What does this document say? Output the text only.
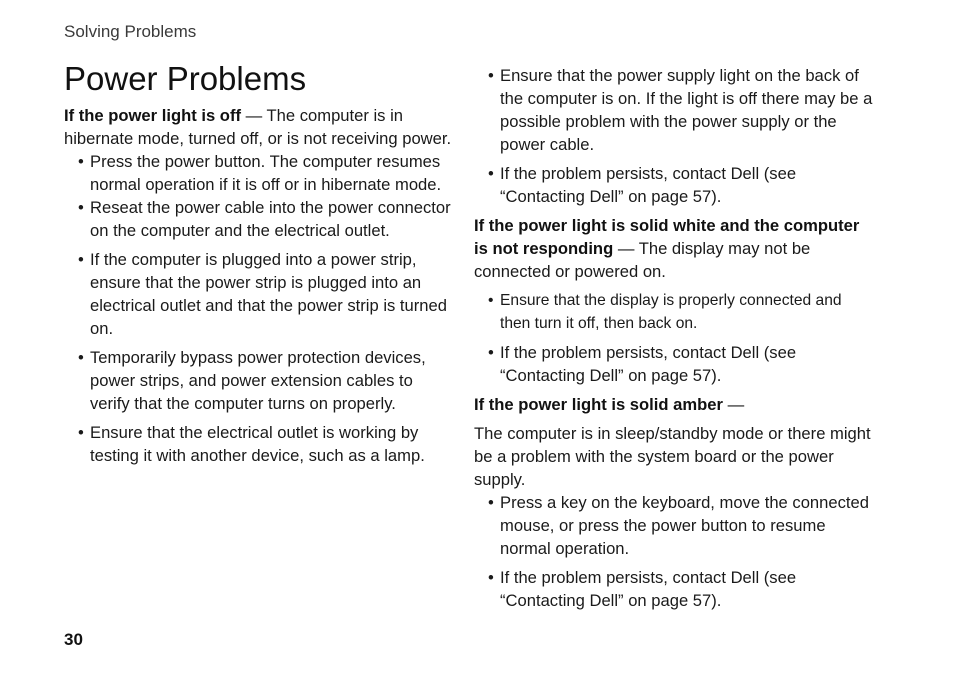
Solving Problems
Power Problems

If the power light is off — The computer is in hibernate mode, turned off, or is not receiving power.

• Press the power button. The computer resumes normal operation if it is off or in hibernate mode.
• Reseat the power cable into the power connector on the computer and the electrical outlet.
• If the computer is plugged into a power strip, ensure that the power strip is plugged into an electrical outlet and that the power strip is turned on.
• Temporarily bypass power protection devices, power strips, and power extension cables to verify that the computer turns on properly.
• Ensure that the electrical outlet is working by testing it with another device, such as a lamp.
• Ensure that the power supply light on the back of the computer is on. If the light is off there may be a possible problem with the power supply or the power cable.
• If the problem persists, contact Dell (see “Contacting Dell” on page 57).

If the power light is solid white and the computer is not responding — The display may not be connected or powered on.

• Ensure that the display is properly connected and then turn it off, then back on.
• If the problem persists, contact Dell (see “Contacting Dell” on page 57).

If the power light is solid amber —

The computer is in sleep/standby mode or there might be a problem with the system board or the power supply.

• Press a key on the keyboard, move the connected mouse, or press the power button to resume normal operation.
• If the problem persists, contact Dell (see “Contacting Dell” on page 57).
30
